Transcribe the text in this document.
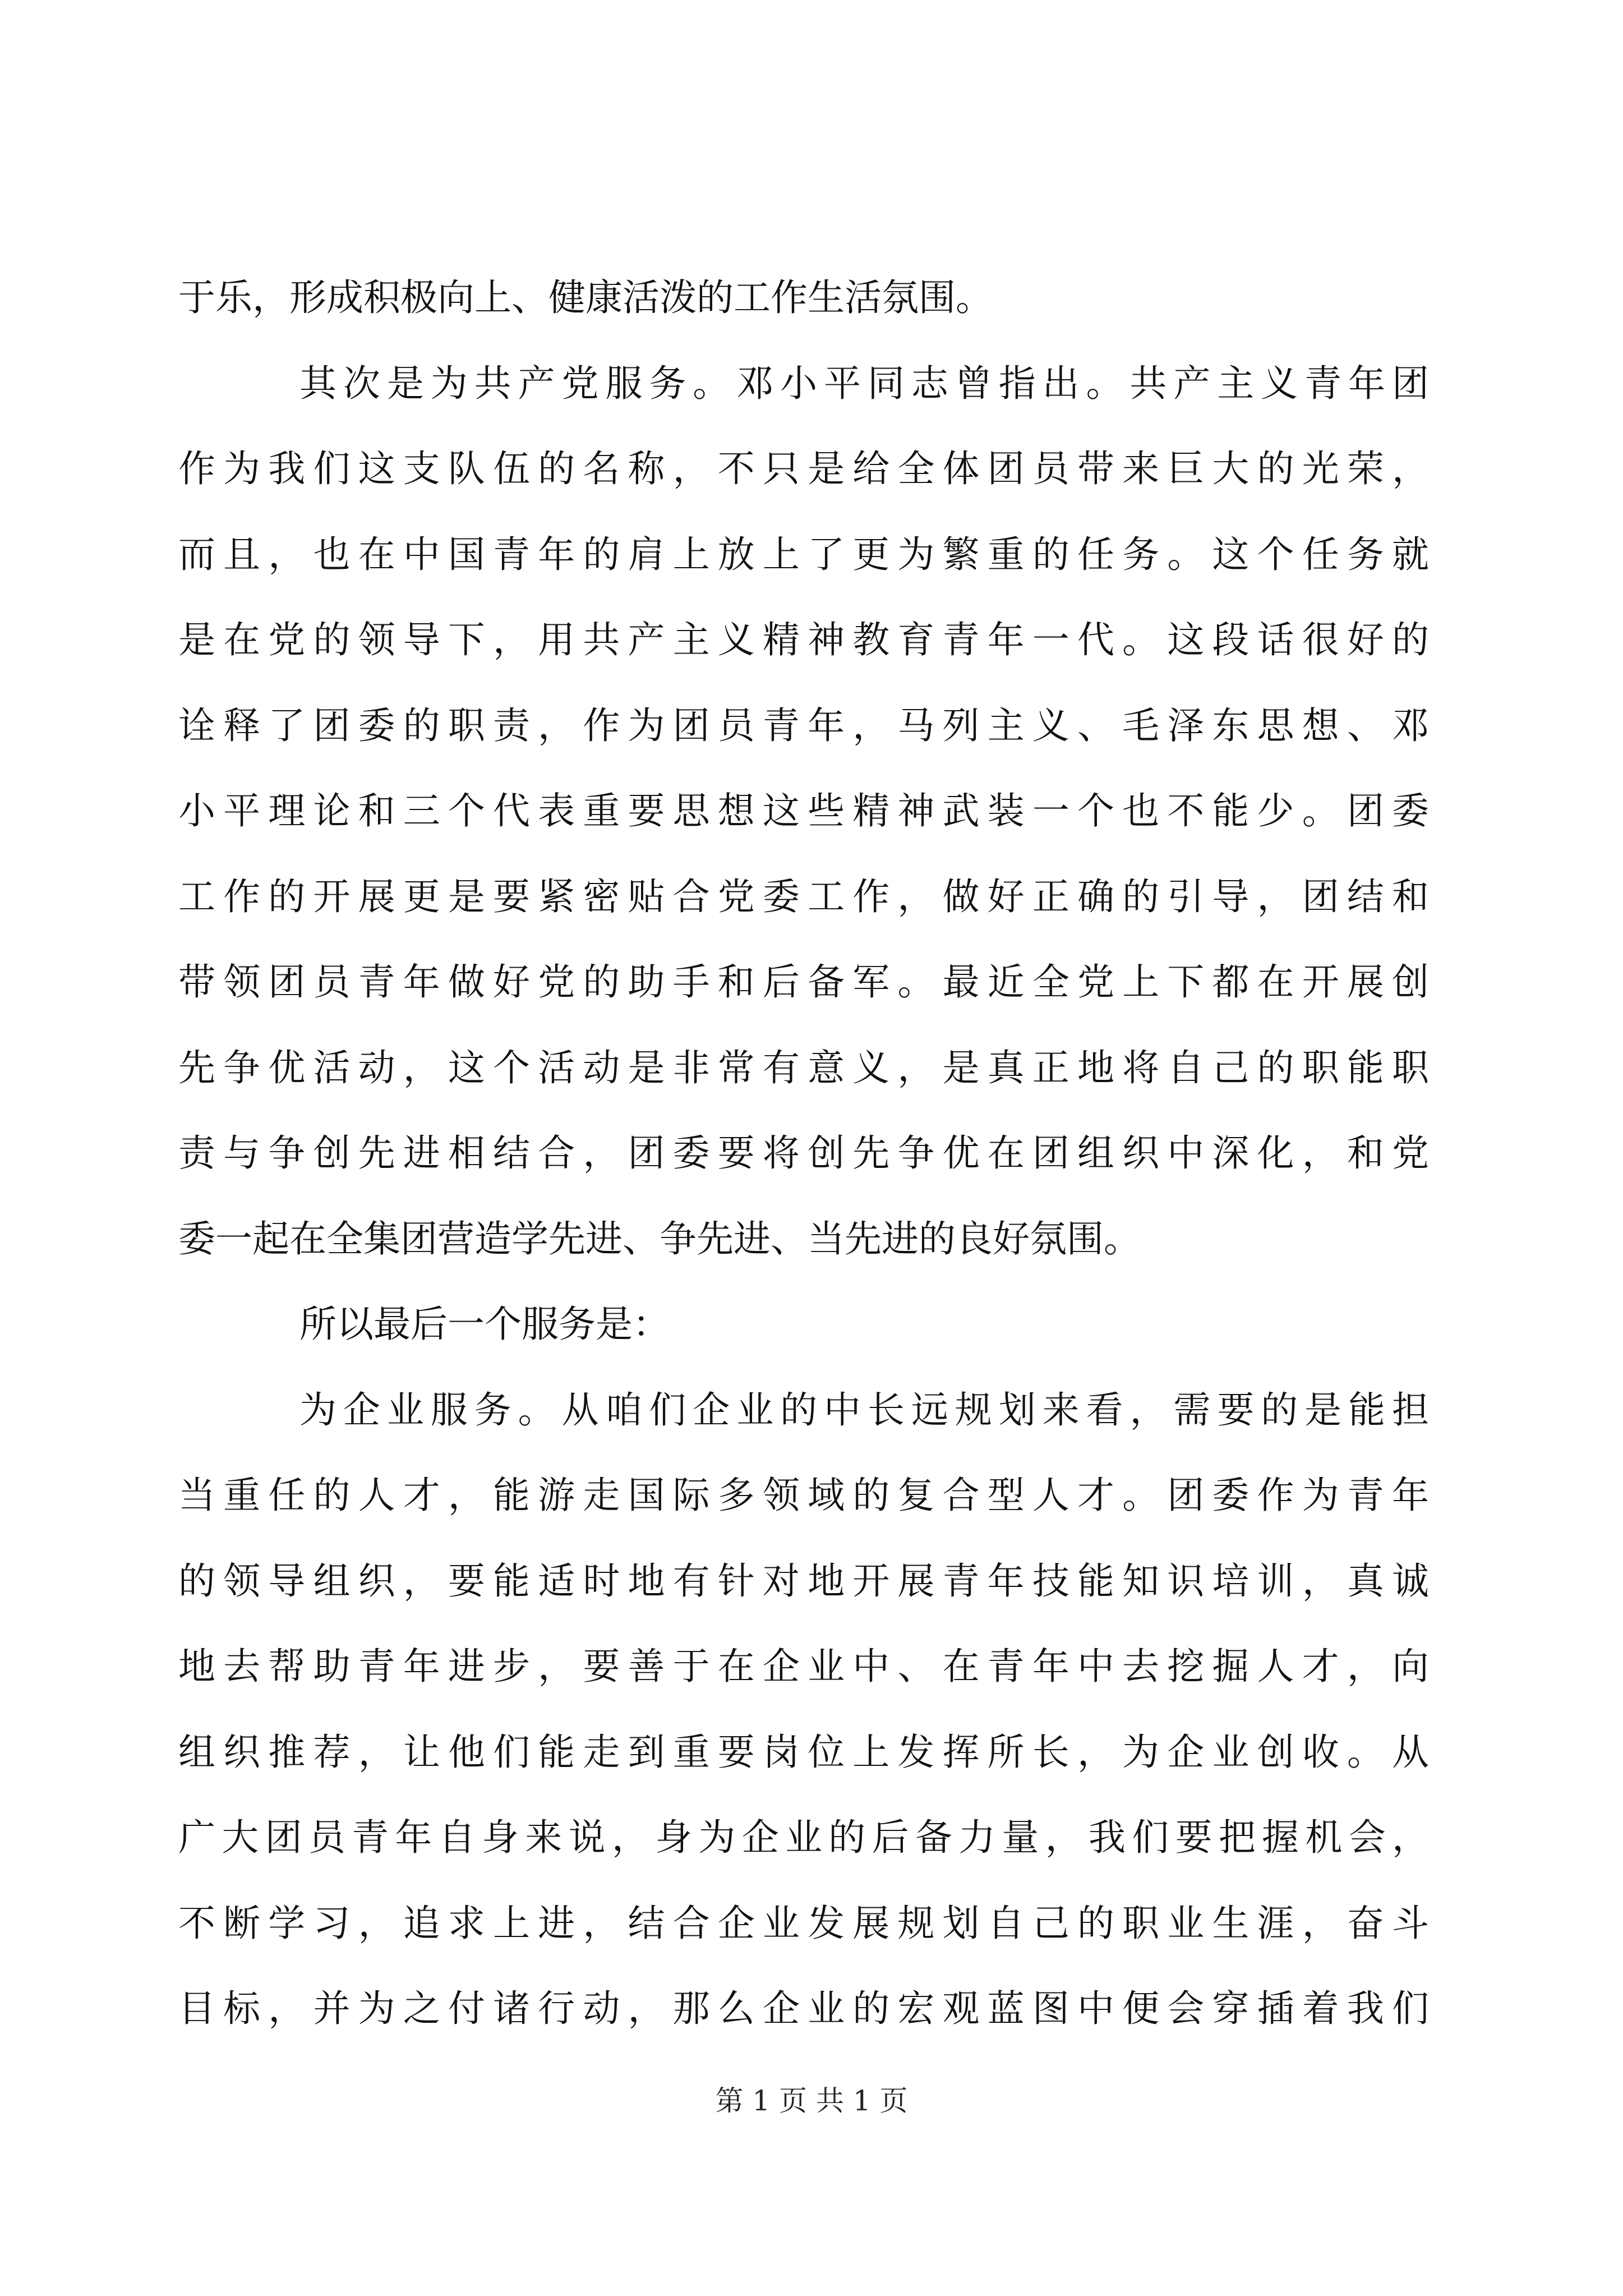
于乐，形成积极向上、健康活泼的工作生活氛围。
其次是为共产党服务。邓小平同志曾指出。共产主义青年团
作为我们这支队伍的名称，不只是给全体团员带来巨大的光荣，
而且，也在中国青年的肩上放上了更为繁重的任务。这个任务就
是在党的领导下，用共产主义精神教育青年一代。这段话很好的
诠释了团委的职责，作为团员青年，马列主义、毛泽东思想、邓
小平理论和三个代表重要思想这些精神武装一个也不能少。团委
工作的开展更是要紧密贴合党委工作，做好正确的引导，团结和
带领团员青年做好党的助手和后备军。最近全党上下都在开展创
先争优活动，这个活动是非常有意义，是真正地将自己的职能职
责与争创先进相结合，团委要将创先争优在团组织中深化，和党
委一起在全集团营造学先进、争先进、当先进的良好氛围。
所以最后一个服务是：
为企业服务。从咱们企业的中长远规划来看，需要的是能担
当重任的人才，能游走国际多领域的复合型人才。团委作为青年
的领导组织，要能适时地有针对地开展青年技能知识培训，真诚
地去帮助青年进步，要善于在企业中、在青年中去挖掘人才，向
组织推荐，让他们能走到重要岗位上发挥所长，为企业创收。从
广大团员青年自身来说，身为企业的后备力量，我们要把握机会，
不断学习，追求上进，结合企业发展规划自己的职业生涯，奋斗
目标，并为之付诸行动，那么企业的宏观蓝图中便会穿插着我们
第 1 页 共 1 页
